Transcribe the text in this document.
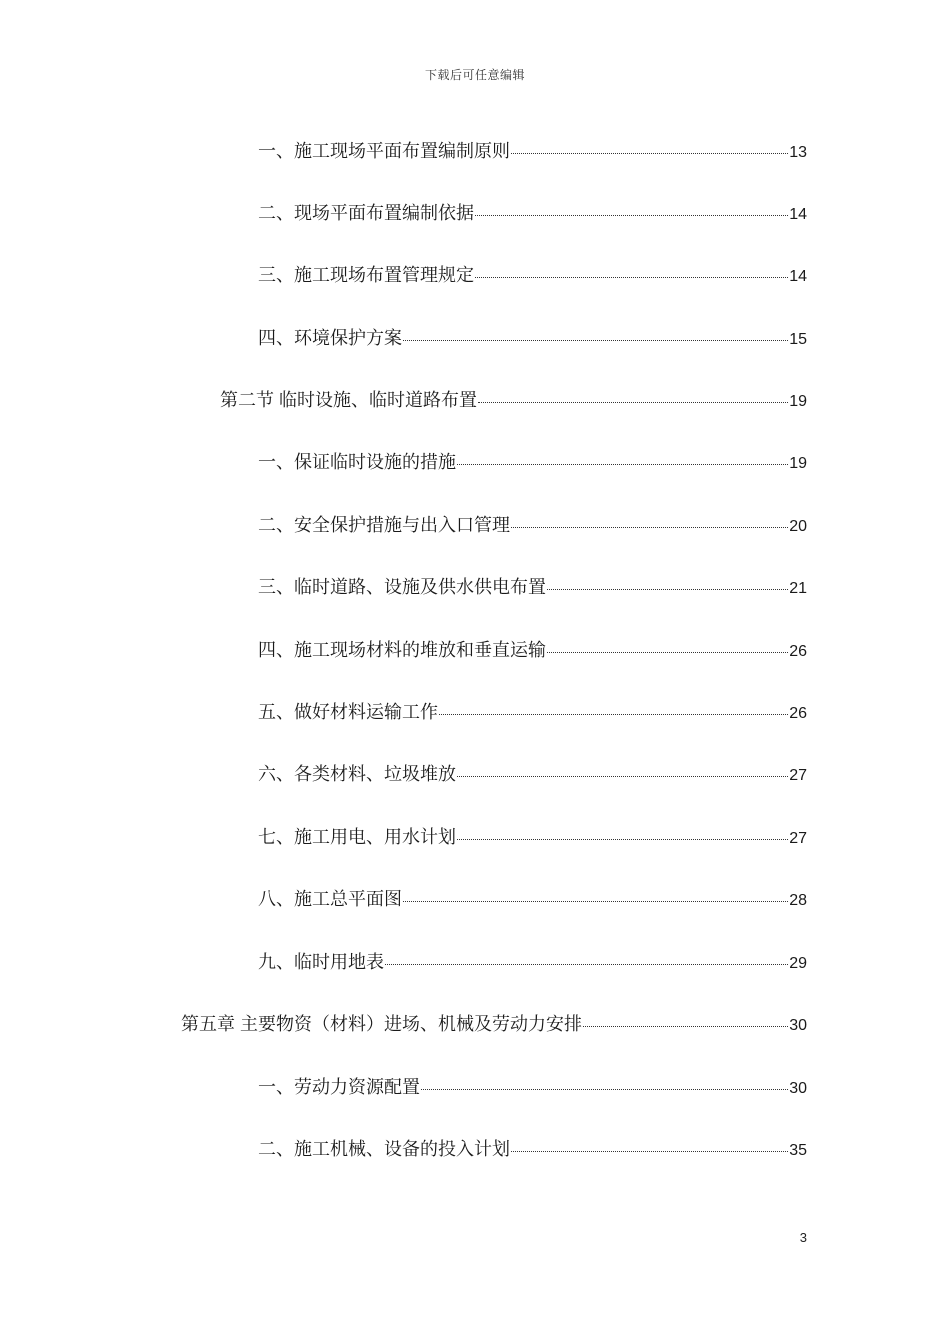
下载后可任意编辑
一、施工现场平面布置编制原则	13
二、现场平面布置编制依据	14
三、施工现场布置管理规定	14
四、环境保护方案	15
第二节 临时设施、临时道路布置	19
一、保证临时设施的措施	19
二、安全保护措施与出入口管理	20
三、临时道路、设施及供水供电布置	21
四、施工现场材料的堆放和垂直运输	26
五、做好材料运输工作	26
六、各类材料、垃圾堆放	27
七、施工用电、用水计划	27
八、施工总平面图	28
九、临时用地表	29
第五章 主要物资（材料）进场、机械及劳动力安排	30
一、劳动力资源配置	30
二、施工机械、设备的投入计划	35
3
